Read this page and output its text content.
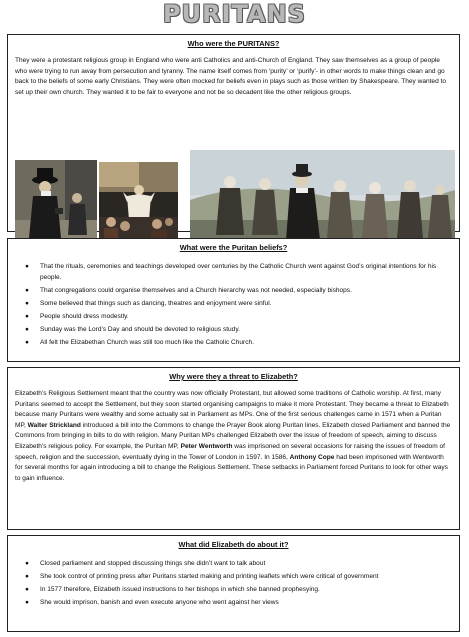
PURITANS
Who were the PURITANS?

They were a protestant religious group in England who were anti Catholics and anti-Church of England. They saw themselves as a group of people who were trying to run away from persecution and tyranny. The name itself comes from ‘purity’ or ‘purify’- in other words to make things clean and go back to the beliefs of some early Christians. They were often mocked for beliefs even in plays such as those written by Shakespeare. They wanted to set up their own church. They wanted it to be fair to everyone and not be so decadent like the other religious groups.

What were the Puritan beliefs?
● That the rituals, ceremonies and teachings developed over centuries by the Catholic Church went against God’s original intentions for his people.
● That congregations could organise themselves and a Church hierarchy was not needed, especially bishops.
● Some believed that things such as dancing, theatres and enjoyment were sinful.
● People should dress modestly.
● Sunday was the Lord’s Day and should be devoted to religious study.
● All felt the Elizabethan Church was still too much like the Catholic Church.
Why were they a threat to Elizabeth?

Elizabeth’s Religious Settlement meant that the country was now officially Protestant, but allowed some traditions of Catholic worship. At first, many Puritans seemed to accept the Settlement, but they soon started organising campaigns to make it more Protestant. They became a threat to Elizabeth because many Puritans were wealthy and some actually sat in Parliament as MPs. One of the first serious challenges came in 1571 when a Puritan MP, Walter Strickland introduced a bill into the Commons to change the Prayer Book along Puritan lines. Elizabeth closed Parliament and banned the Commons from bringing in bills to do with religion. Many Puritan MPs challenged Elizabeth over the issue of freedom of speech, aiming to discuss Elizabeth’s religious policy. For example, the Puritan MP, Peter Wentworth was imprisoned on several occasions for raising the issues of freedom of speech, religion and the succession, eventually dying in the Tower of London in 1597. In 1586, Anthony Cope had been imprisoned with Wentworth for several months for again introducing a bill to change the Religious Settlement. These setbacks in Parliament forced Puritans to look for other ways to gain influence.

What did Elizabeth do about it?
● Closed parliament and stopped discussing things she didn’t want to talk about
● She took control of printing press after Puritans started making and printing leaflets which were critical of government
● In 1577 therefore, Elizabeth issued instructions to her bishops in which she banned prophesying.
● She would imprison, banish and even execute anyone who went against her views
